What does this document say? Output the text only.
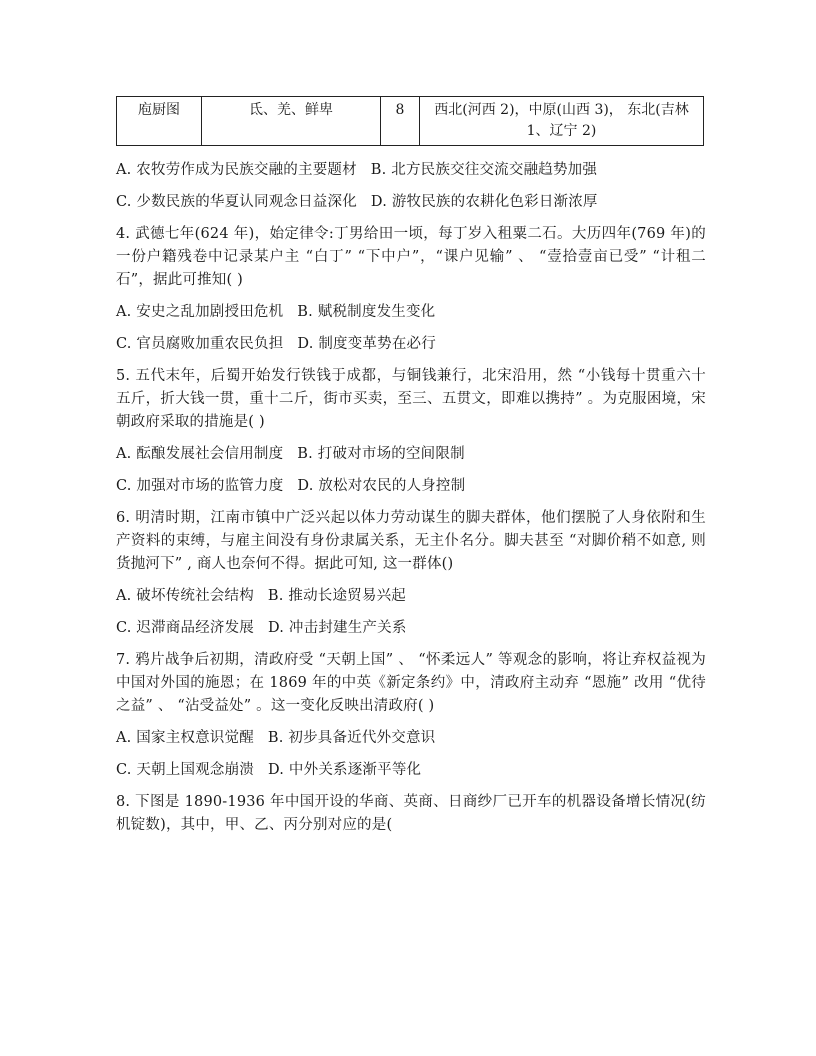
庖厨图	氐、羌、鲜卑	8	西北(河西 2)，中原(山西 3)， 东北(吉林 1、辽宁 2)

A. 农牧劳作成为民族交融的主要题材 B. 北方民族交往交流交融趋势加强

C. 少数民族的华夏认同观念日益深化 D. 游牧民族的农耕化色彩日渐浓厚

4. 武德七年(624 年)，始定律令:丁男给田一顷，每丁岁入租粟二石。大历四年(769 年)的一份户籍残卷中记录某户主 “白丁” “下中户”，“课户见输” 、 “壹拾壹亩已受” “计租二石”，据此可推知( )

A. 安史之乱加剧授田危机 B. 赋税制度发生变化

C. 官员腐败加重农民负担 D. 制度变革势在必行

5. 五代末年，后蜀开始发行铁钱于成都，与铜钱兼行，北宋沿用，然 “小钱每十贯重六十五斤，折大钱一贯，重十二斤，街市买卖，至三、五贯文，即难以携持” 。为克服困境，宋朝政府采取的措施是( )

A. 酝酿发展社会信用制度 B. 打破对市场的空间限制

C. 加强对市场的监管力度 D. 放松对农民的人身控制

6. 明清时期，江南市镇中广泛兴起以体力劳动谋生的脚夫群体，他们摆脱了人身依附和生产资料的束缚，与雇主间没有身份隶属关系，无主仆名分。脚夫甚至 “对脚价稍不如意, 则货抛河下” , 商人也奈何不得。据此可知, 这一群体()

A. 破坏传统社会结构 B. 推动长途贸易兴起

C. 迟滞商品经济发展 D. 冲击封建生产关系

7. 鸦片战争后初期，清政府受 “天朝上国” 、 “怀柔远人” 等观念的影响，将让弃权益视为中国对外国的施恩；在 1869 年的中英《新定条约》中，清政府主动弃 “恩施” 改用 “优待之益” 、 “沾受益处” 。这一变化反映出清政府( )

A. 国家主权意识觉醒 B. 初步具备近代外交意识

C. 天朝上国观念崩溃 D. 中外关系逐渐平等化

8. 下图是 1890-1936 年中国开设的华商、英商、日商纱厂已开车的机器设备增长情况(纺机锭数)，其中，甲、乙、丙分别对应的是(
